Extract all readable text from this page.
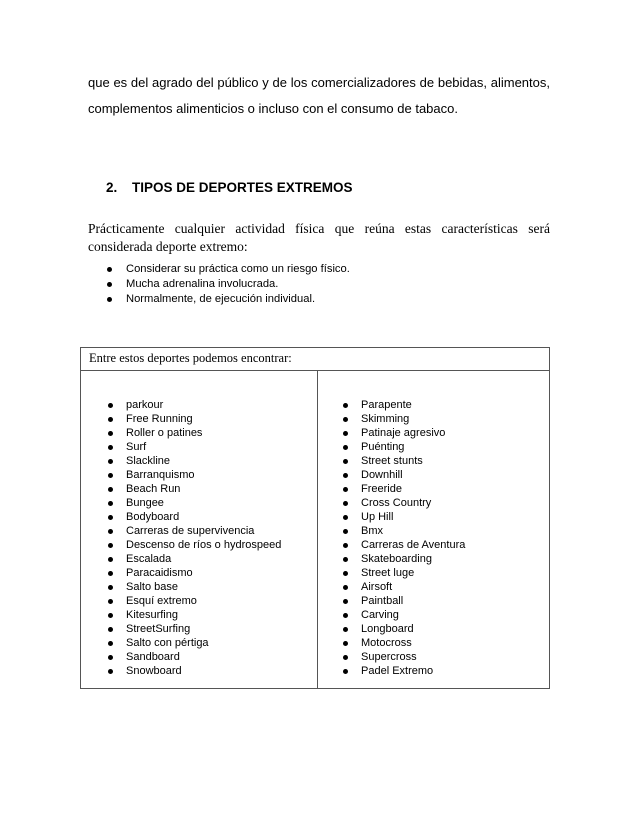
que es del agrado del público y de los comercializadores de bebidas, alimentos,
complementos alimenticios o incluso con el consumo de tabaco.
2. TIPOS DE DEPORTES EXTREMOS
Prácticamente cualquier actividad física que reúna estas características será considerada deporte extremo:
Considerar su práctica como un riesgo físico.
Mucha adrenalina involucrada.
Normalmente, de ejecución individual.
Entre estos deportes podemos encontrar:
parkour
Free Running
Roller o patines
Surf
Slackline
Barranquismo
Beach Run
Bungee
Bodyboard
Carreras de supervivencia
Descenso de ríos o hydrospeed
Escalada
Paracaidismo
Salto base
Esquí extremo
Kitesurfing
StreetSurfing
Salto con pértiga
Sandboard
Snowboard
Parapente
Skimming
Patinaje agresivo
Puénting
Street stunts
Downhill
Freeride
Cross Country
Up Hill
Bmx
Carreras de Aventura
Skateboarding
Street luge
Airsoft
Paintball
Carving
Longboard
Motocross
Supercross
Padel Extremo
